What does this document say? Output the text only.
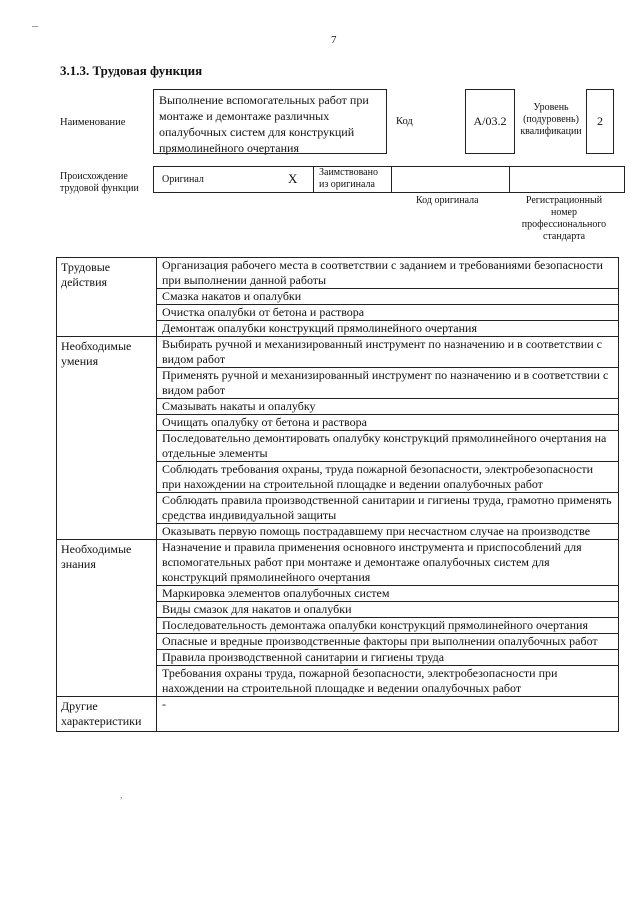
–
7
3.1.3. Трудовая функция
Наименование
Выполнение вспомогательных работ при монтаже и демонтаже различных опалубочных систем для конструкций прямолинейного очертания
Код	A/03.2
Уровень (подуровень) квалификации
2
Происхождение трудовой функции
Оригинал	X Заимствовано из оригинала
Код оригинала	Регистрационный номер профессионального стандарта
Трудовые действия	Организация рабочего места в соответствии с заданием и требованиями безопасности при выполнении данной работы
	Смазка накатов и опалубки
	Очистка опалубки от бетона и раствора
	Демонтаж опалубки конструкций прямолинейного очертания
Необходимые умения	Выбирать ручной и механизированный инструмент по назначению и в соответствии с видом работ
	Применять ручной и механизированный инструмент по назначению и в соответствии с видом работ
	Смазывать накаты и опалубку
	Очищать опалубку от бетона и раствора
	Последовательно демонтировать опалубку конструкций прямолинейного очертания на отдельные элементы
	Соблюдать требования охраны, труда пожарной безопасности, электробезопасности при нахождении на строительной площадке и ведении опалубочных работ
	Соблюдать правила производственной санитарии и гигиены труда, грамотно применять средства индивидуальной защиты
	Оказывать первую помощь пострадавшему при несчастном случае на производстве
Необходимые знания	Назначение и правила применения основного инструмента и приспособлений для вспомогательных работ при монтаже и демонтаже опалубочных систем для конструкций прямолинейного очертания
	Маркировка элементов опалубочных систем
	Виды смазок для накатов и опалубки
	Последовательность демонтажа опалубки конструкций прямолинейного очертания
	Опасные и вредные производственные факторы при выполнении опалубочных работ
	Правила производственной санитарии и гигиены труда
	Требования охраны труда, пожарной безопасности, электробезопасности при нахождении на строительной площадке и ведении опалубочных работ
Другие характеристики	-
,
